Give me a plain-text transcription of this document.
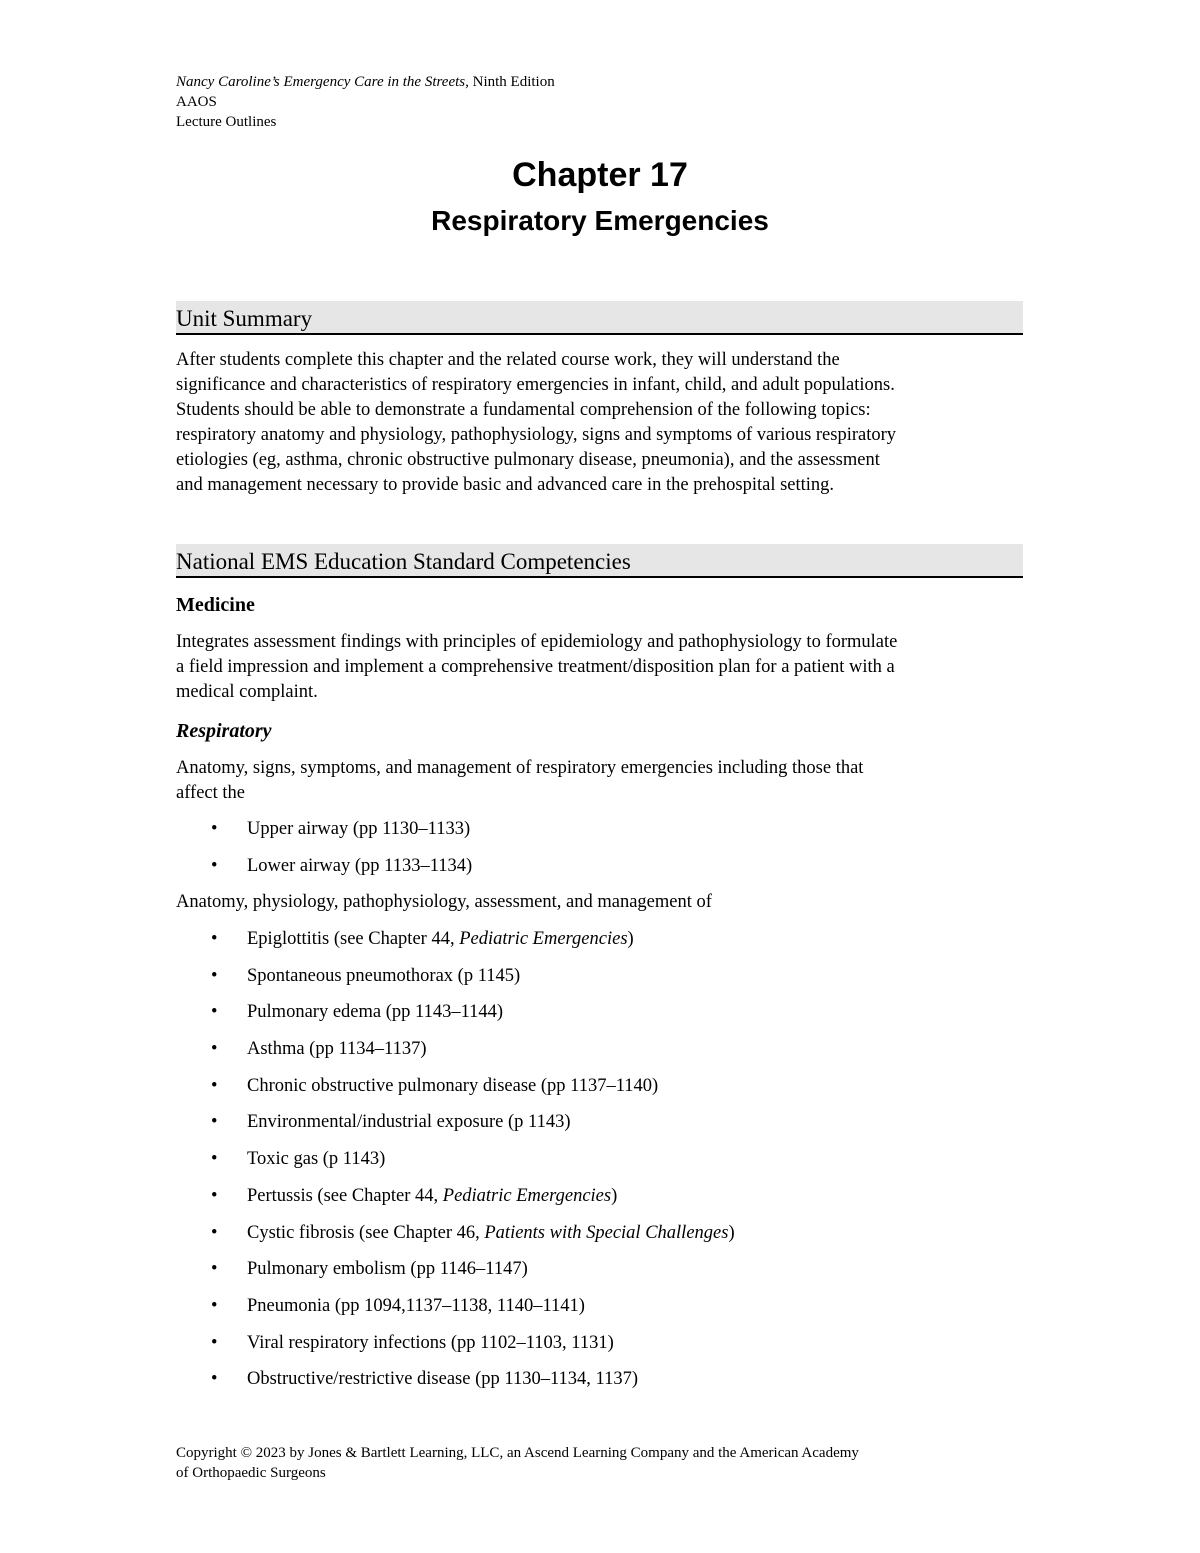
Nancy Caroline’s Emergency Care in the Streets, Ninth Edition
AAOS
Lecture Outlines
Chapter 17
Respiratory Emergencies
Unit Summary
After students complete this chapter and the related course work, they will understand the
significance and characteristics of respiratory emergencies in infant, child, and adult populations.
Students should be able to demonstrate a fundamental comprehension of the following topics:
respiratory anatomy and physiology, pathophysiology, signs and symptoms of various respiratory
etiologies (eg, asthma, chronic obstructive pulmonary disease, pneumonia), and the assessment
and management necessary to provide basic and advanced care in the prehospital setting.
National EMS Education Standard Competencies
Medicine
Integrates assessment findings with principles of epidemiology and pathophysiology to formulate
a field impression and implement a comprehensive treatment/disposition plan for a patient with a
medical complaint.
Respiratory
Anatomy, signs, symptoms, and management of respiratory emergencies including those that
affect the
• Upper airway (pp 1130–1133)
• Lower airway (pp 1133–1134)
Anatomy, physiology, pathophysiology, assessment, and management of
• Epiglottitis (see Chapter 44, Pediatric Emergencies)
• Spontaneous pneumothorax (p 1145)
• Pulmonary edema (pp 1143–1144)
• Asthma (pp 1134–1137)
• Chronic obstructive pulmonary disease (pp 1137–1140)
• Environmental/industrial exposure (p 1143)
• Toxic gas (p 1143)
• Pertussis (see Chapter 44, Pediatric Emergencies)
• Cystic fibrosis (see Chapter 46, Patients with Special Challenges)
• Pulmonary embolism (pp 1146–1147)
• Pneumonia (pp 1094,1137–1138, 1140–1141)
• Viral respiratory infections (pp 1102–1103, 1131)
• Obstructive/restrictive disease (pp 1130–1134, 1137)
Copyright © 2023 by Jones & Bartlett Learning, LLC, an Ascend Learning Company and the American Academy
of Orthopaedic Surgeons
